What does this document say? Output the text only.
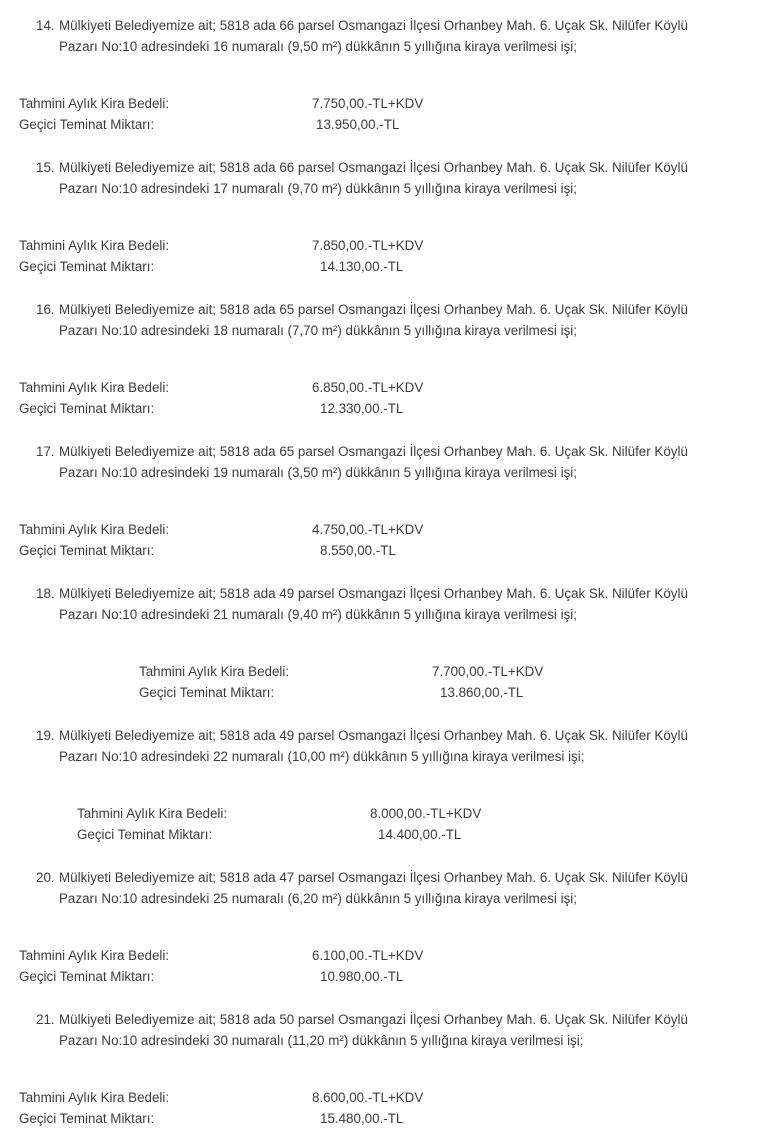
14. Mülkiyeti Belediyemize ait; 5818 ada 66 parsel Osmangazi İlçesi Orhanbey Mah. 6. Uçak Sk. Nilüfer Köylü
Pazarı No:10 adresindeki 16 numaralı (9,50 m²) dükkânın 5 yıllığına kiraya verilmesi işi;
Tahmini Aylık Kira Bedeli:	7.750,00.-TL+KDV
Geçici Teminat Miktarı:	13.950,00.-TL
15. Mülkiyeti Belediyemize ait; 5818 ada 66 parsel Osmangazi İlçesi Orhanbey Mah. 6. Uçak Sk. Nilüfer Köylü
Pazarı No:10 adresindeki 17 numaralı (9,70 m²) dükkânın 5 yıllığına kiraya verilmesi işi;
Tahmini Aylık Kira Bedeli:	7.850,00.-TL+KDV
Geçici Teminat Miktarı:	14.130,00.-TL
16. Mülkiyeti Belediyemize ait; 5818 ada 65 parsel Osmangazi İlçesi Orhanbey Mah. 6. Uçak Sk. Nilüfer Köylü
Pazarı No:10 adresindeki 18 numaralı (7,70 m²) dükkânın 5 yıllığına kiraya verilmesi işi;
Tahmini Aylık Kira Bedeli:	6.850,00.-TL+KDV
Geçici Teminat Miktarı:	12.330,00.-TL
17. Mülkiyeti Belediyemize ait; 5818 ada 65 parsel Osmangazi İlçesi Orhanbey Mah. 6. Uçak Sk. Nilüfer Köylü
Pazarı No:10 adresindeki 19 numaralı (3,50 m²) dükkânın 5 yıllığına kiraya verilmesi işi;
Tahmini Aylık Kira Bedeli:	4.750,00.-TL+KDV
Geçici Teminat Miktarı:	8.550,00.-TL
18. Mülkiyeti Belediyemize ait; 5818 ada 49 parsel Osmangazi İlçesi Orhanbey Mah. 6. Uçak Sk. Nilüfer Köylü
Pazarı No:10 adresindeki 21 numaralı (9,40 m²) dükkânın 5 yıllığına kiraya verilmesi işi;
Tahmini Aylık Kira Bedeli:	7.700,00.-TL+KDV
Geçici Teminat Miktarı:	13.860,00.-TL
19. Mülkiyeti Belediyemize ait; 5818 ada 49 parsel Osmangazi İlçesi Orhanbey Mah. 6. Uçak Sk. Nilüfer Köylü
Pazarı No:10 adresindeki 22 numaralı (10,00 m²) dükkânın 5 yıllığına kiraya verilmesi işi;
Tahmini Aylık Kira Bedeli:	8.000,00.-TL+KDV
Geçici Teminat Miktarı:	14.400,00.-TL
20. Mülkiyeti Belediyemize ait; 5818 ada 47 parsel Osmangazi İlçesi Orhanbey Mah. 6. Uçak Sk. Nilüfer Köylü
Pazarı No:10 adresindeki 25 numaralı (6,20 m²) dükkânın 5 yıllığına kiraya verilmesi işi;
Tahmini Aylık Kira Bedeli:	6.100,00.-TL+KDV
Geçici Teminat Miktarı:	10.980,00.-TL
21. Mülkiyeti Belediyemize ait; 5818 ada 50 parsel Osmangazi İlçesi Orhanbey Mah. 6. Uçak Sk. Nilüfer Köylü
Pazarı No:10 adresindeki 30 numaralı (11,20 m²) dükkânın 5 yıllığına kiraya verilmesi işi;
Tahmini Aylık Kira Bedeli:	8.600,00.-TL+KDV
Geçici Teminat Miktarı:	15.480,00.-TL
